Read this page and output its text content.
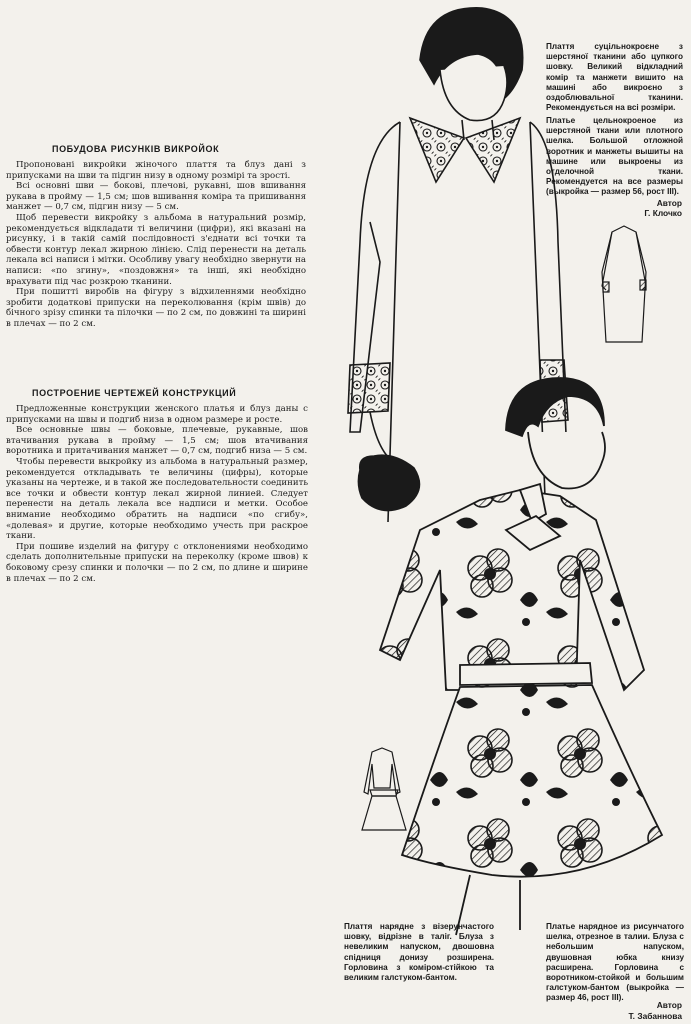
ПОБУДОВА РИСУНКІВ ВИКРОЙОК

Пропоновані викройки жіночого плаття та блуз дані з припусками на шви та підгин низу в одному розмірі та зрості.

Всі основні шви — бокові, плечові, рукавні, шов вшивання рукава в пройму — 1,5 см; шов вшивання коміра та пришивання манжет — 0,7 см, підгин низу — 5 см.

Щоб перевести викройку з альбома в натуральний розмір, рекомендується відкладати ті величини (цифри), які вказані на рисунку, і в такій самій послідовності з'єднати всі точки та обвести контур лекал жирною лінією. Слід перенести на деталь лекала всі написи і мітки. Особливу увагу необхідно звернути на написи: «по згину», «поздовжня» та інші, які необхідно врахувати під час розкрою тканини.

При пошитті виробів на фігуру з відхиленнями необхідно зробити додаткові припуски на переколювання (крім швів) до бічного зрізу спинки та пілочки — по 2 см, по довжині та ширині в плечах — по 2 см.

ПОСТРОЕНИЕ ЧЕРТЕЖЕЙ КОНСТРУКЦИЙ

Предложенные конструкции женского платья и блуз даны с припусками на швы и подгиб низа в одном размере и росте.

Все основные швы — боковые, плечевые, рукавные, шов втачивания рукава в пройму — 1,5 см; шов втачивания воротника и притачивания манжет — 0,7 см, подгиб низа — 5 см.

Чтобы перевести выкройку из альбома в натуральный размер, рекомендуется откладывать те величины (цифры), которые указаны на чертеже, и в такой же последовательности соединить все точки и обвести контур лекал жирной линией. Следует перенести на деталь лекала все надписи и метки. Особое внимание необходимо обратить на надписи «по сгибу», «долевая» и другие, которые необходимо учесть при раскрое ткани.

При пошиве изделий на фигуру с отклонениями необходимо сделать дополнительные припуски на переколку (кроме швов) к боковому срезу спинки и полочки — по 2 см, по длине и ширине в плечах — по 2 см.

Плаття суцільнокроєне з шерстяної тканини або цупкого шовку. Великий відкладний комір та манжети вишито на машині або викроєно з оздоблювальної тканини. Рекомендується на всі розміри.
Платье цельнокроеное из шерстяной ткани или плотного шелка. Большой отложной воротник и манжеты вышиты на машине или выкроены из отделочной ткани. Рекомендуется на все размеры (выкройка — размер 56, рост III).
Автор
Г. Клочко
Плаття нарядне з візерунчастого шовку, відрізне в таліг. Блуза з невеликим напуском, двошовна спідниця донизу розширена. Горловина з коміром-стійкою та великим галстуком-бантом.
Платье нарядное из рисунчатого шелка, отрезное в талии. Блуза с небольшим напуском, двушовная юбка книзу расширена. Горловина с воротником-стойкой и большим галстуком-бантом (выкройка — размер 46, рост III).
Автор
Т. Забаннова
